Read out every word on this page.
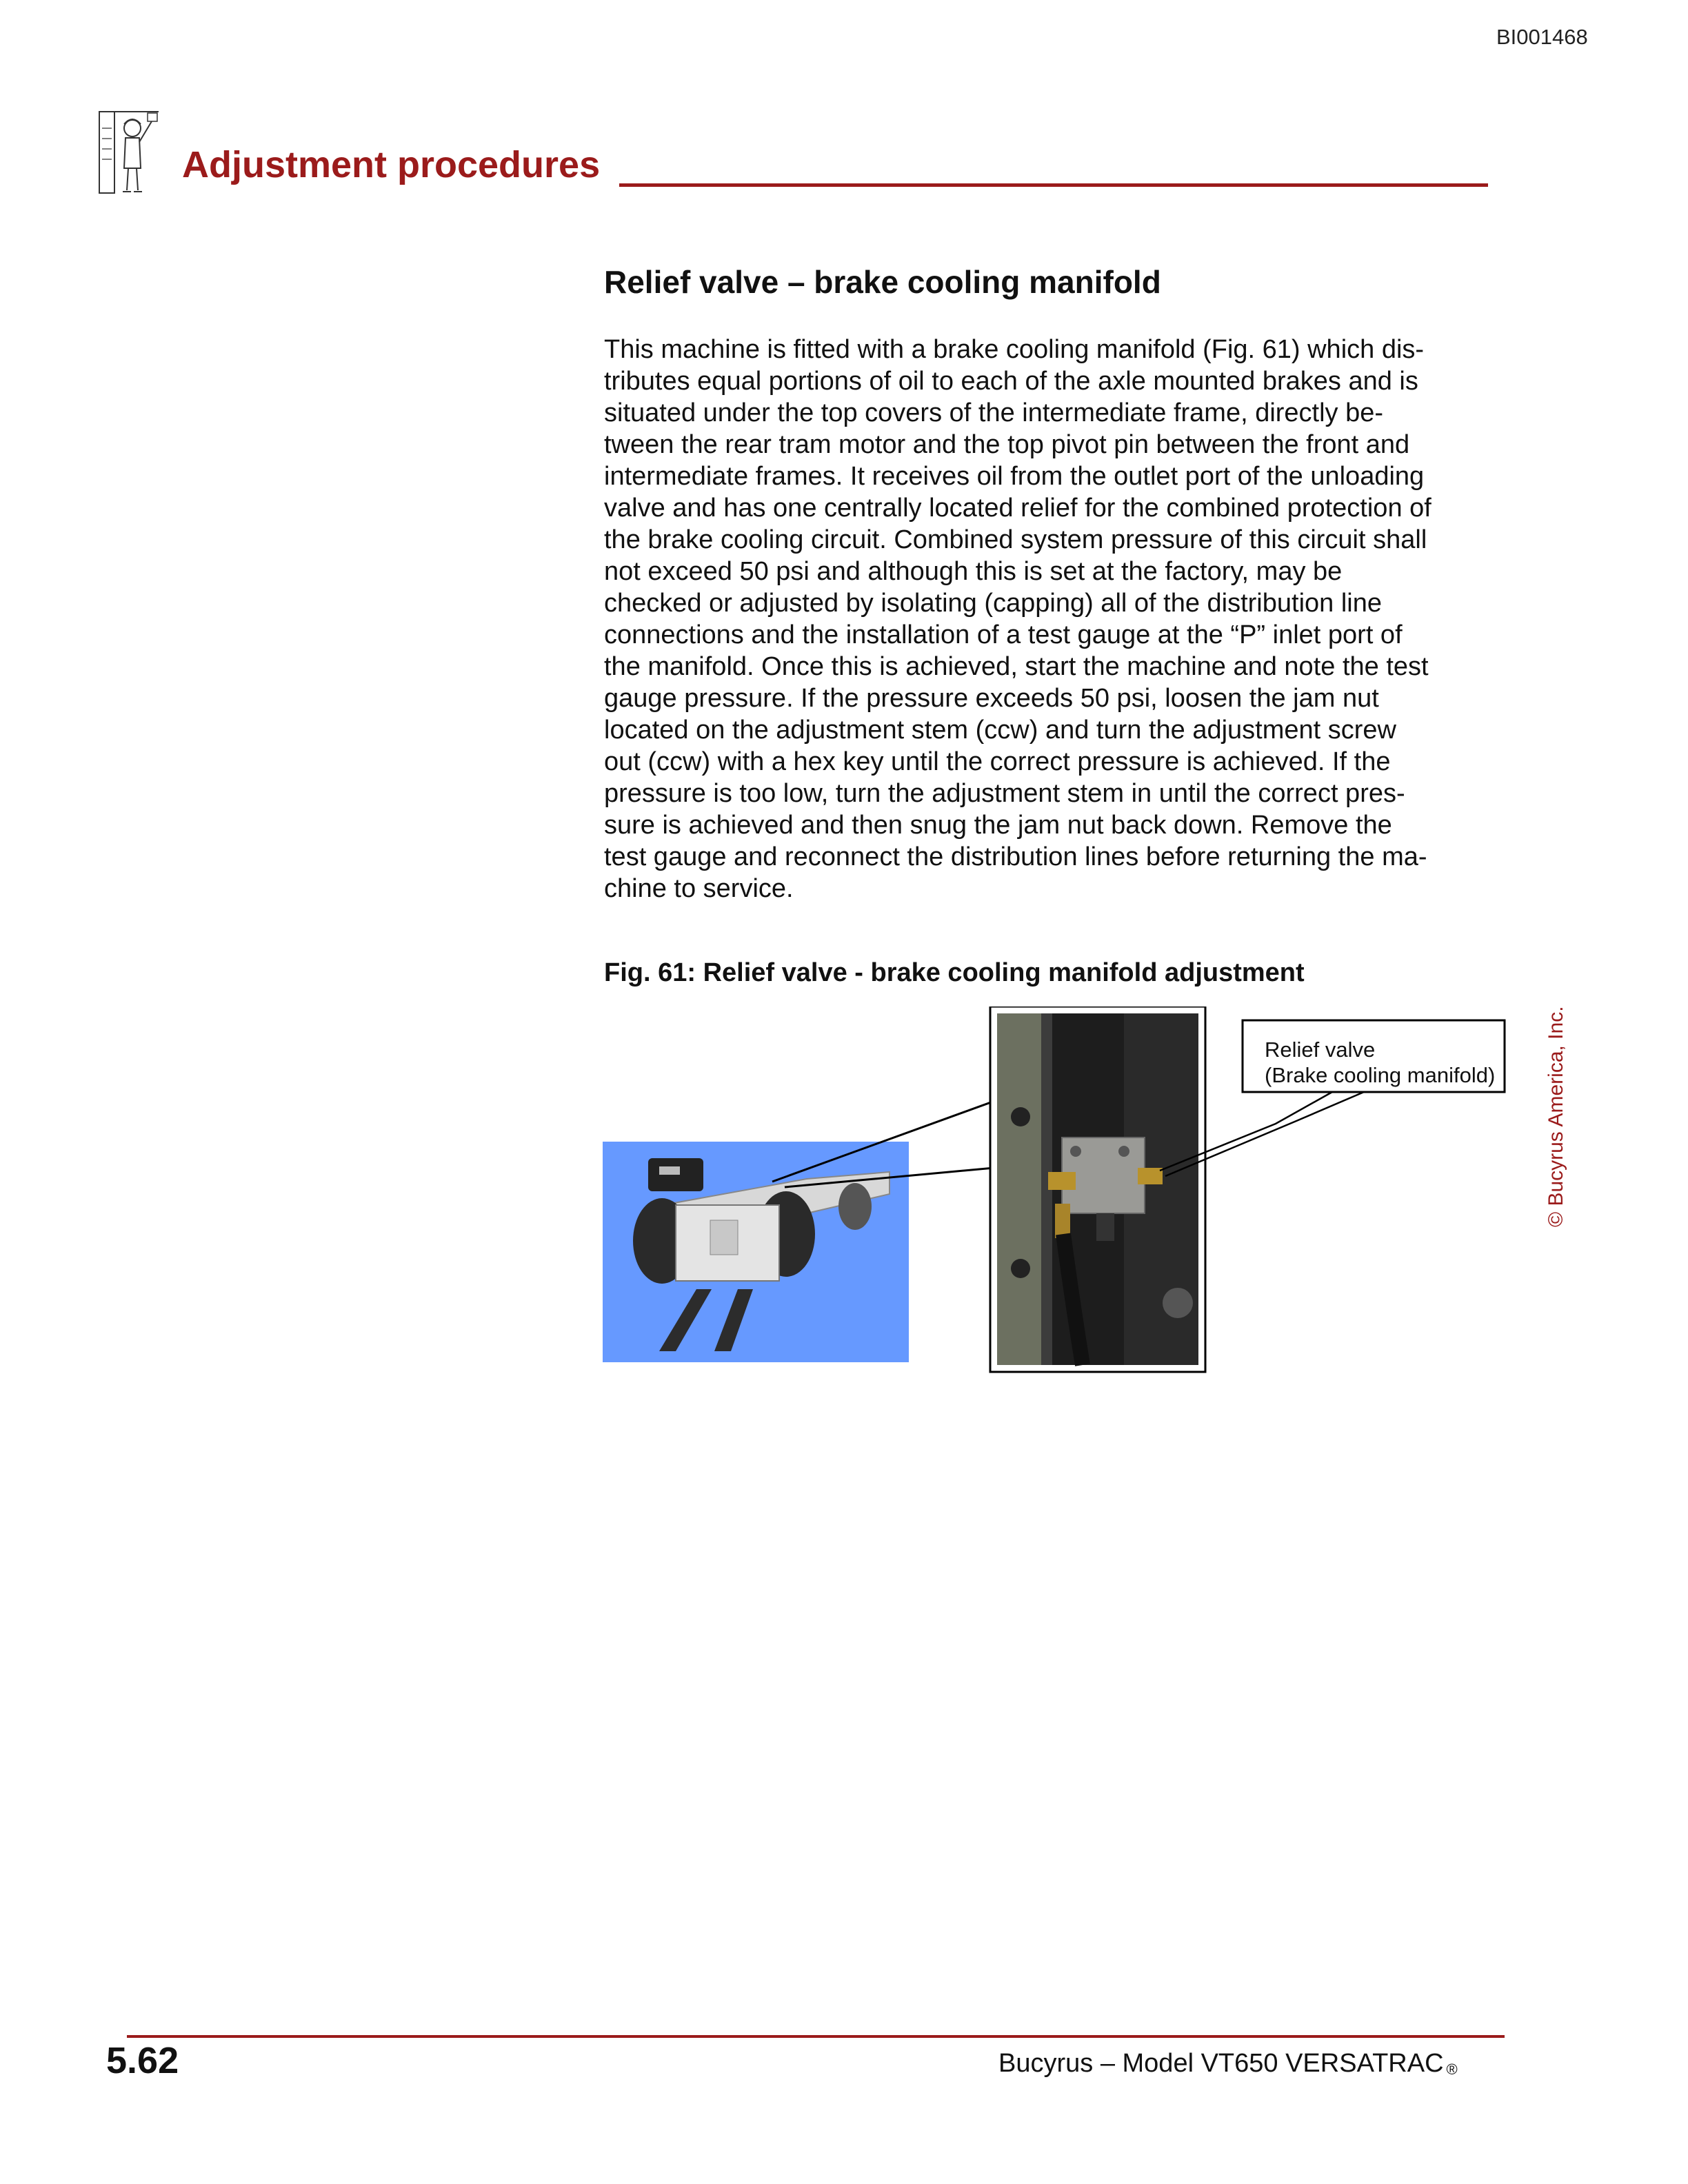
BI001468
Adjustment procedures
Relief valve – brake cooling manifold
This machine is fitted with a brake cooling manifold (Fig. 61) which dis-
tributes equal portions of oil to each of the axle mounted brakes and is
situated under the top covers of the intermediate frame, directly be-
tween the rear tram motor and the top pivot pin between the front and
intermediate frames. It receives oil from the outlet port of the unloading
valve and has one centrally located relief for the combined protection of
the brake cooling circuit. Combined system pressure of this circuit shall
not exceed 50 psi and although this is set at the factory, may be
checked or adjusted by isolating (capping) all of the distribution line
connections and the installation of a test gauge at the “P” inlet port of
the manifold. Once this is achieved, start the machine and note the test
gauge pressure. If the pressure exceeds 50 psi, loosen the jam nut
located on the adjustment stem (ccw) and turn the adjustment screw
out (ccw) with a hex key until the correct pressure is achieved. If the
pressure is too low, turn the adjustment stem in until the correct pres-
sure is achieved and then snug the jam nut back down. Remove the
test gauge and reconnect the distribution lines before returning the ma-
chine to service.
Fig. 61: Relief valve - brake cooling manifold adjustment
Relief valve
(Brake cooling manifold)	© Bucyrus America, Inc.
5.62	Bucyrus – Model VT650 VERSATRAC ®
